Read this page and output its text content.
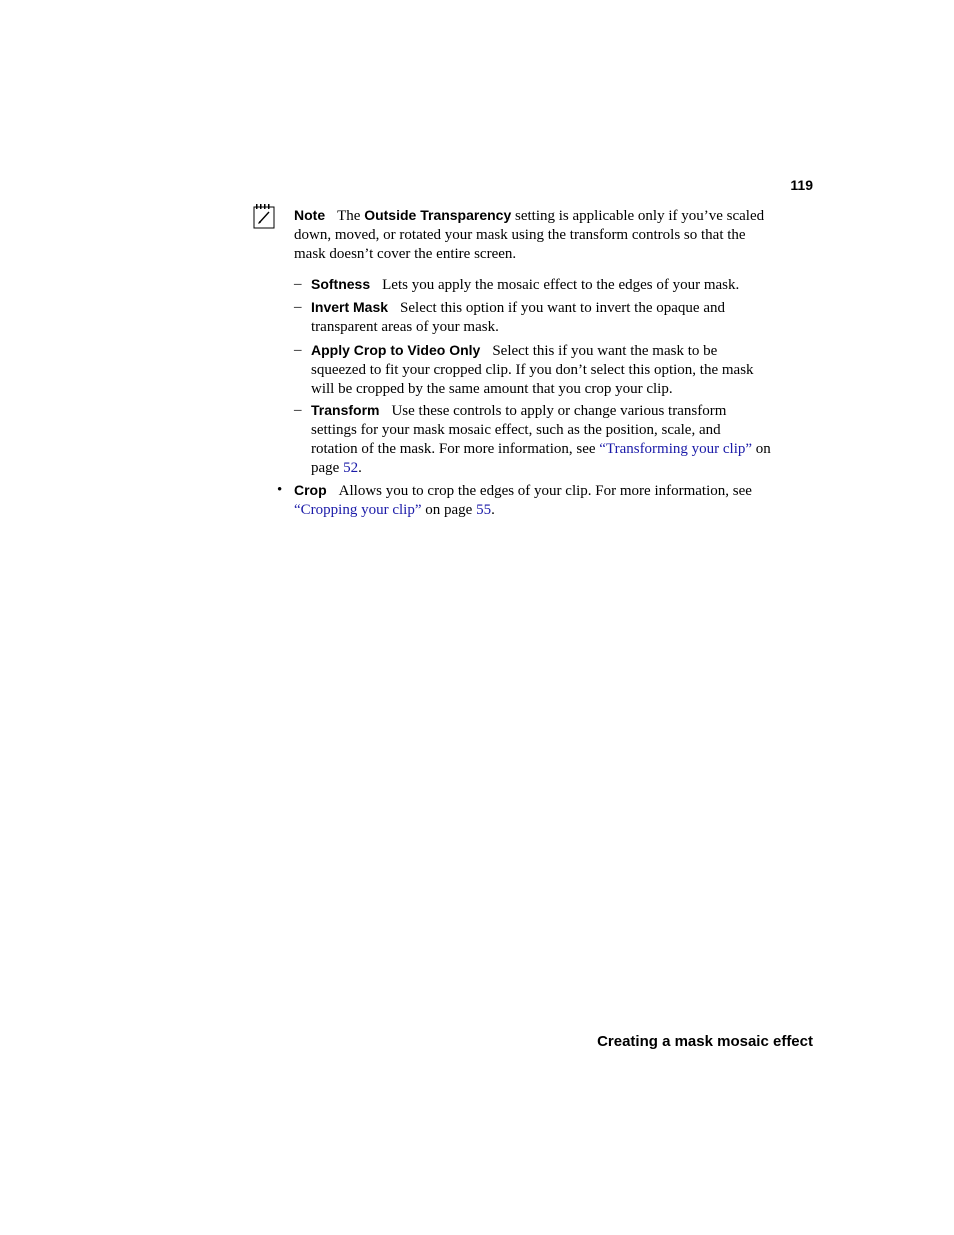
119
Note The Outside Transparency setting is applicable only if you’ve scaled down, moved, or rotated your mask using the transform controls so that the mask doesn’t cover the entire screen.
– Softness Lets you apply the mosaic effect to the edges of your mask.
– Invert Mask Select this option if you want to invert the opaque and transparent areas of your mask.
– Apply Crop to Video Only Select this if you want the mask to be squeezed to fit your cropped clip. If you don’t select this option, the mask will be cropped by the same amount that you crop your clip.
– Transform Use these controls to apply or change various transform settings for your mask mosaic effect, such as the position, scale, and rotation of the mask. For more information, see “Transforming your clip” on page 52.
• Crop Allows you to crop the edges of your clip. For more information, see “Cropping your clip” on page 55.
Creating a mask mosaic effect
